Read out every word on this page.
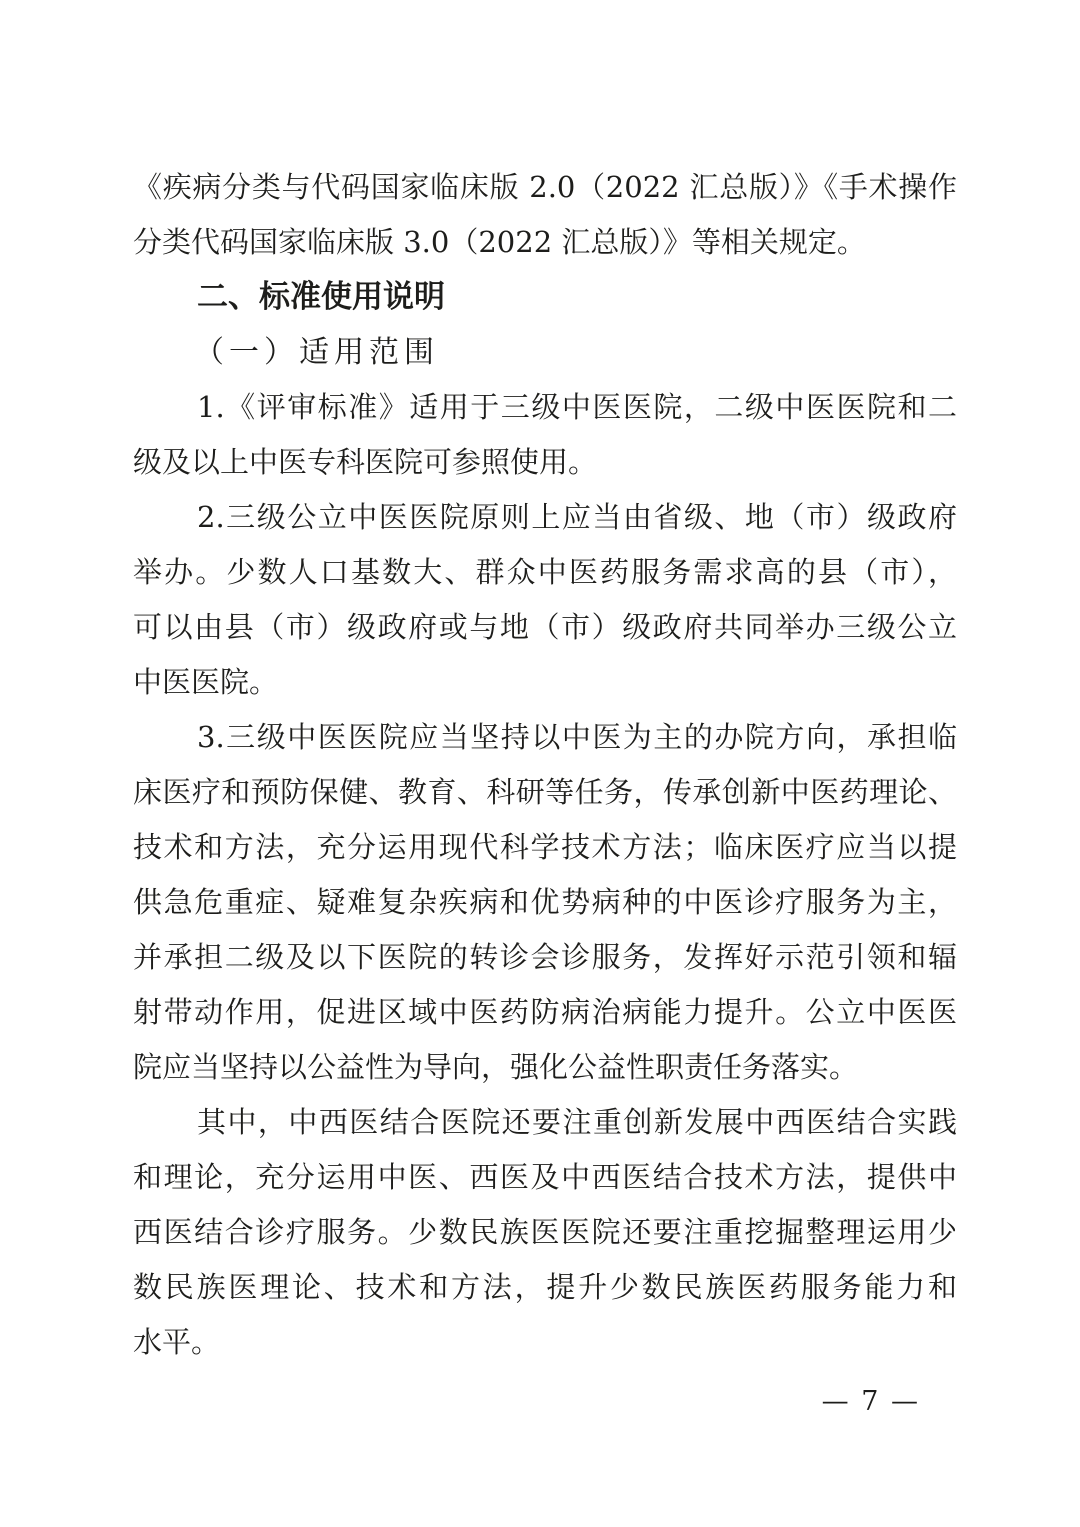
《疾病分类与代码国家临床版 2.0（2022 汇总版）》《手术操作
分类代码国家临床版 3.0（2022 汇总版）》等相关规定。
二、标准使用说明
（一）适用范围
1.《评审标准》适用于三级中医医院，二级中医医院和二
级及以上中医专科医院可参照使用。
2.三级公立中医医院原则上应当由省级、地（市）级政府
举办。少数人口基数大、群众中医药服务需求高的县（市），
可以由县（市）级政府或与地（市）级政府共同举办三级公立
中医医院。
3.三级中医医院应当坚持以中医为主的办院方向，承担临
床医疗和预防保健、教育、科研等任务，传承创新中医药理论、
技术和方法，充分运用现代科学技术方法；临床医疗应当以提
供急危重症、疑难复杂疾病和优势病种的中医诊疗服务为主，
并承担二级及以下医院的转诊会诊服务，发挥好示范引领和辐
射带动作用，促进区域中医药防病治病能力提升。公立中医医
院应当坚持以公益性为导向，强化公益性职责任务落实。
其中，中西医结合医院还要注重创新发展中西医结合实践
和理论，充分运用中医、西医及中西医结合技术方法，提供中
西医结合诊疗服务。少数民族医医院还要注重挖掘整理运用少
数民族医理论、技术和方法，提升少数民族医药服务能力和
水平。
— 7 —
